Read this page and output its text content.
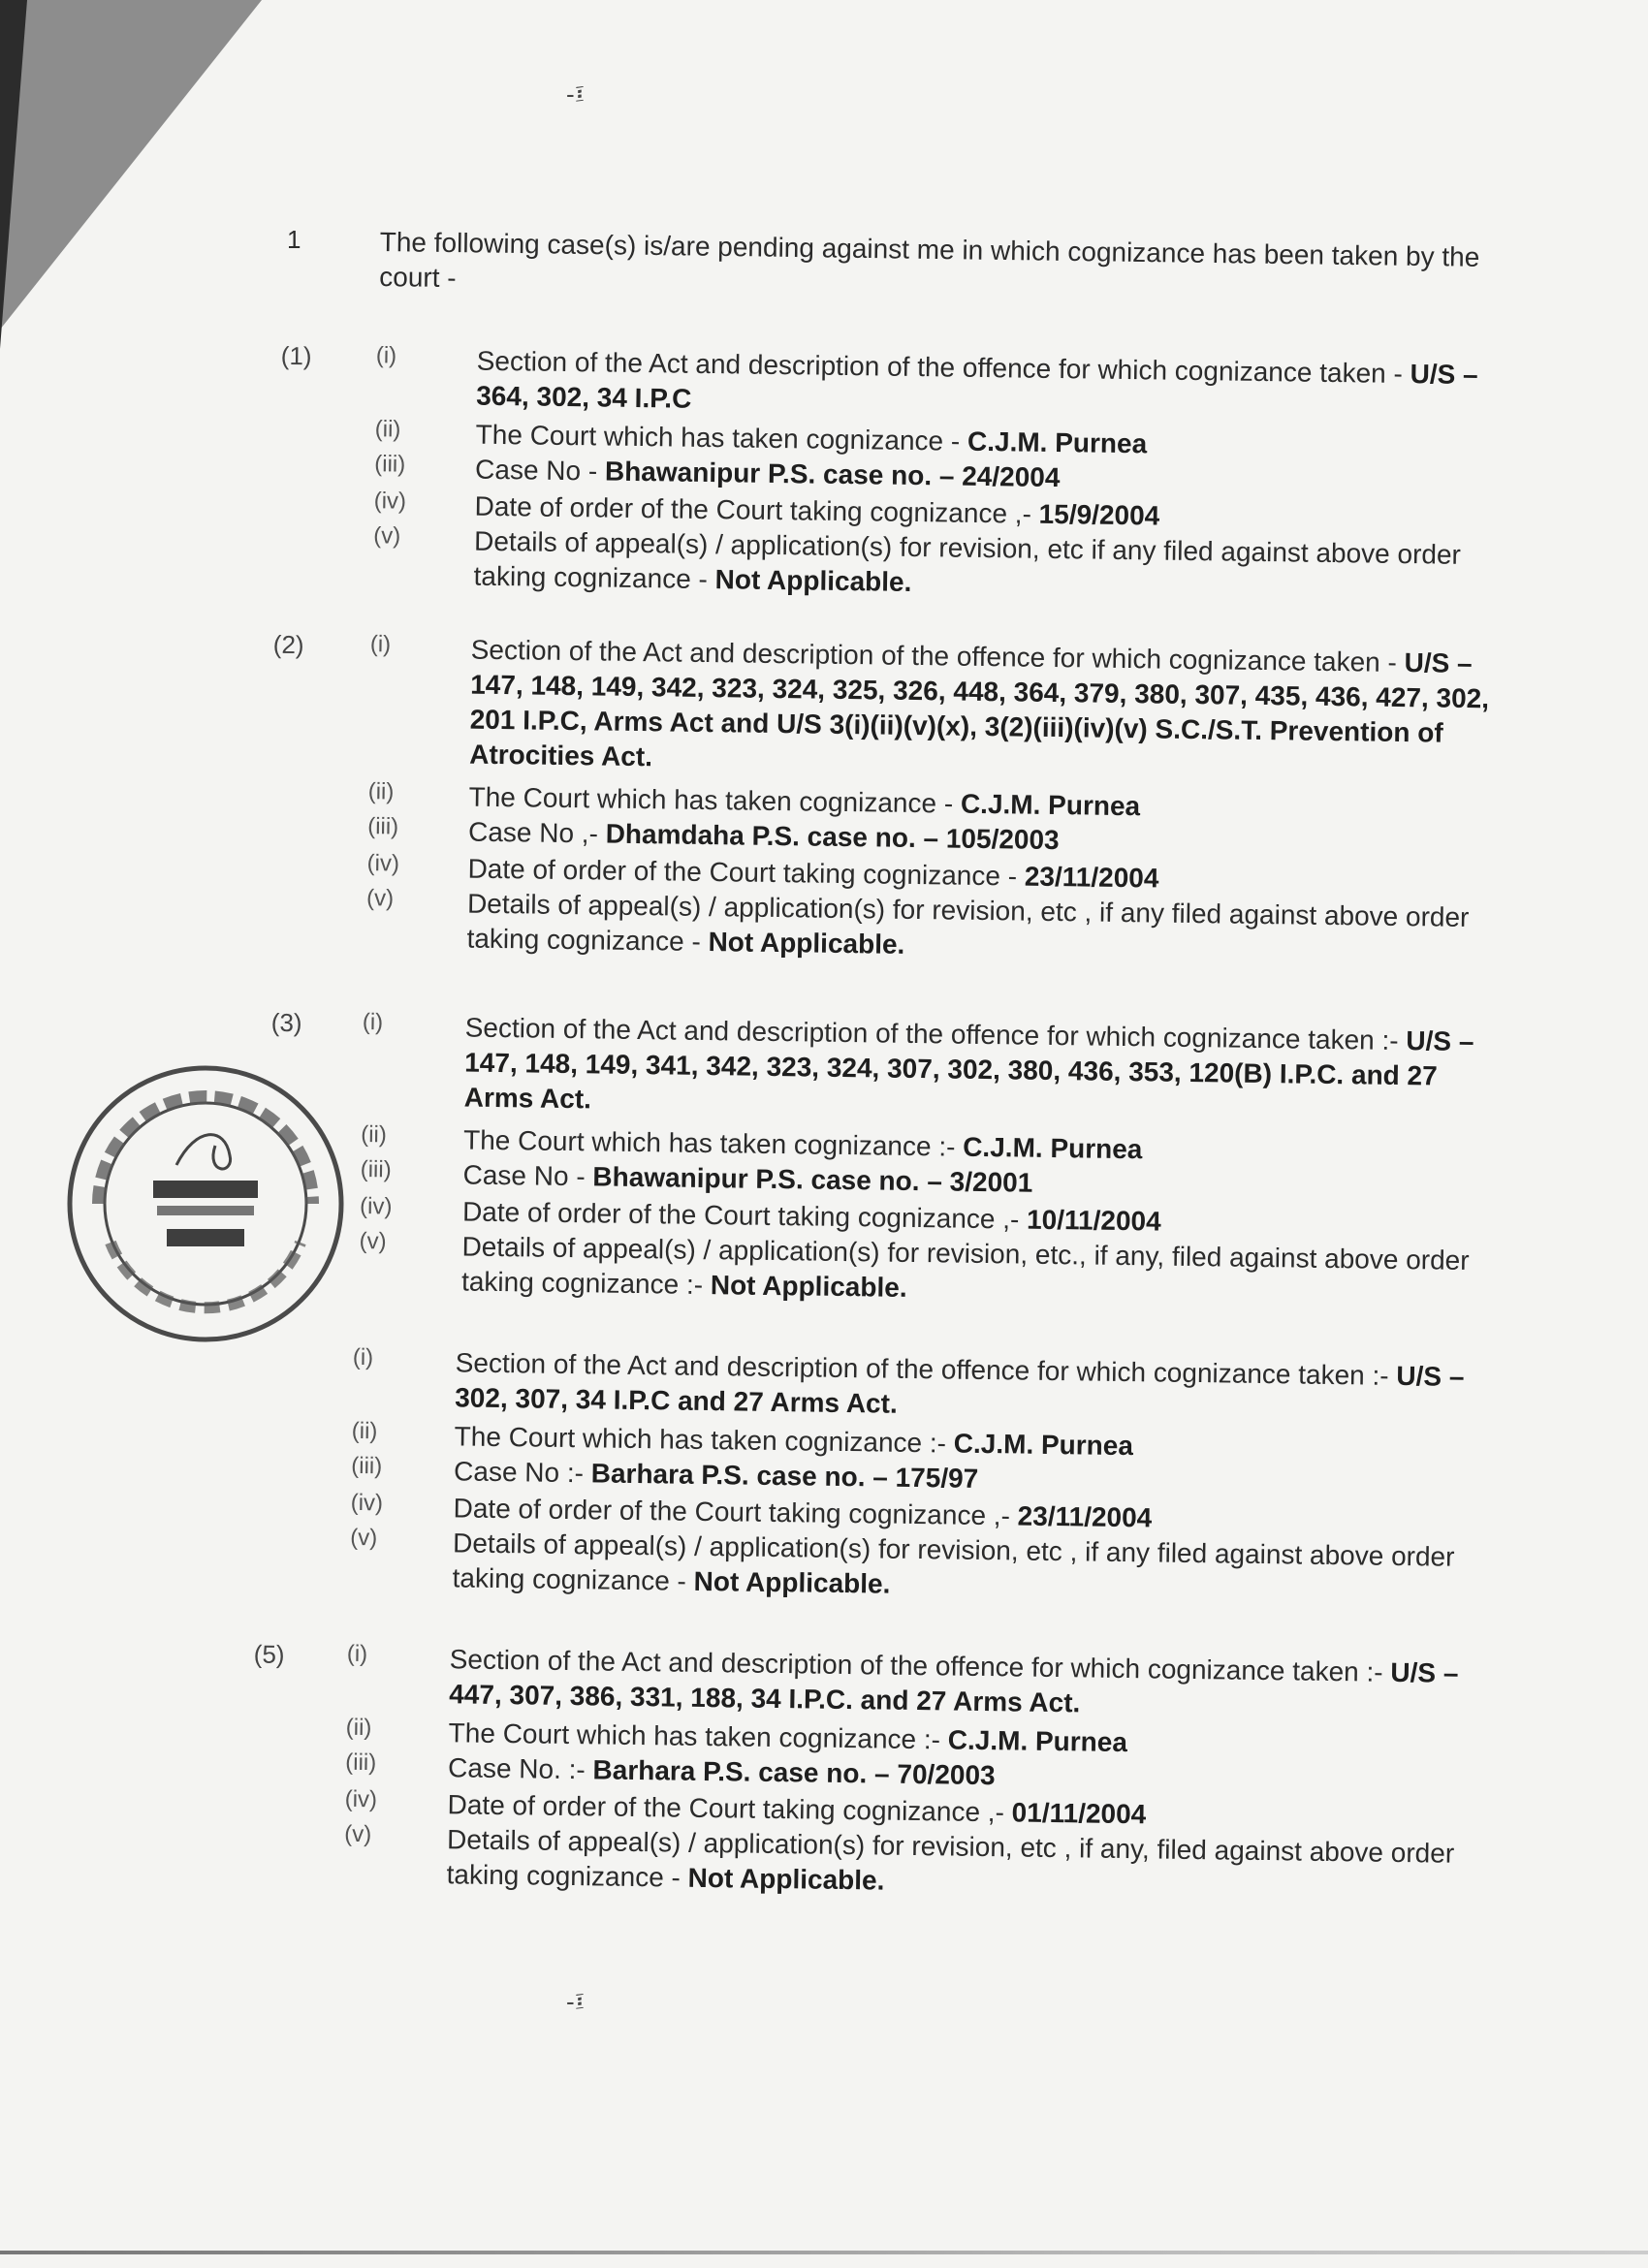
-፤
1	The following case(s) is/are pending against me in which cognizance has been taken by the court -
(1)	(i)	Section of the Act and description of the offence for which cognizance taken - U/S – 364, 302, 34 I.P.C
(ii)	The Court which has taken cognizance - C.J.M. Purnea
(iii)	Case No - Bhawanipur P.S. case no. – 24/2004
(iv)	Date of order of the Court taking cognizance ,- 15/9/2004
(v)	Details of appeal(s) / application(s) for revision, etc if any filed against above order taking cognizance - Not Applicable.
(2)	(i)	Section of the Act and description of the offence for which cognizance taken - U/S – 147, 148, 149, 342, 323, 324, 325, 326, 448, 364, 379, 380, 307, 435, 436, 427, 302, 201 I.P.C, Arms Act and U/S 3(i)(ii)(v)(x), 3(2)(iii)(iv)(v) S.C./S.T. Prevention of Atrocities Act.
(ii)	The Court which has taken cognizance - C.J.M. Purnea
(iii)	Case No ,- Dhamdaha P.S. case no. – 105/2003
(iv)	Date of order of the Court taking cognizance - 23/11/2004
(v)	Details of appeal(s) / application(s) for revision, etc , if any filed against above order taking cognizance - Not Applicable.
(3)	(i)	Section of the Act and description of the offence for which cognizance taken :- U/S – 147, 148, 149, 341, 342, 323, 324, 307, 302, 380, 436, 353, 120(B) I.P.C. and 27 Arms Act.
(ii)	The Court which has taken cognizance :- C.J.M. Purnea
(iii)	Case No - Bhawanipur P.S. case no. – 3/2001
(iv)	Date of order of the Court taking cognizance ,- 10/11/2004
(v)	Details of appeal(s) / application(s) for revision, etc., if any, filed against above order taking cognizance :- Not Applicable.
(i)	Section of the Act and description of the offence for which cognizance taken :- U/S – 302, 307, 34 I.P.C and 27 Arms Act.
(ii)	The Court which has taken cognizance :- C.J.M. Purnea
(iii)	Case No :- Barhara P.S. case no. – 175/97
(iv)	Date of order of the Court taking cognizance ,- 23/11/2004
(v)	Details of appeal(s) / application(s) for revision, etc , if any filed against above order taking cognizance - Not Applicable.
(5)	(i)	Section of the Act and description of the offence for which cognizance taken :- U/S – 447, 307, 386, 331, 188, 34 I.P.C. and 27 Arms Act.
(ii)	The Court which has taken cognizance :- C.J.M. Purnea
(iii)	Case No. :- Barhara P.S. case no. – 70/2003
(iv)	Date of order of the Court taking cognizance ,- 01/11/2004
(v)	Details of appeal(s) / application(s) for revision, etc , if any, filed against above order taking cognizance - Not Applicable.
-፤
